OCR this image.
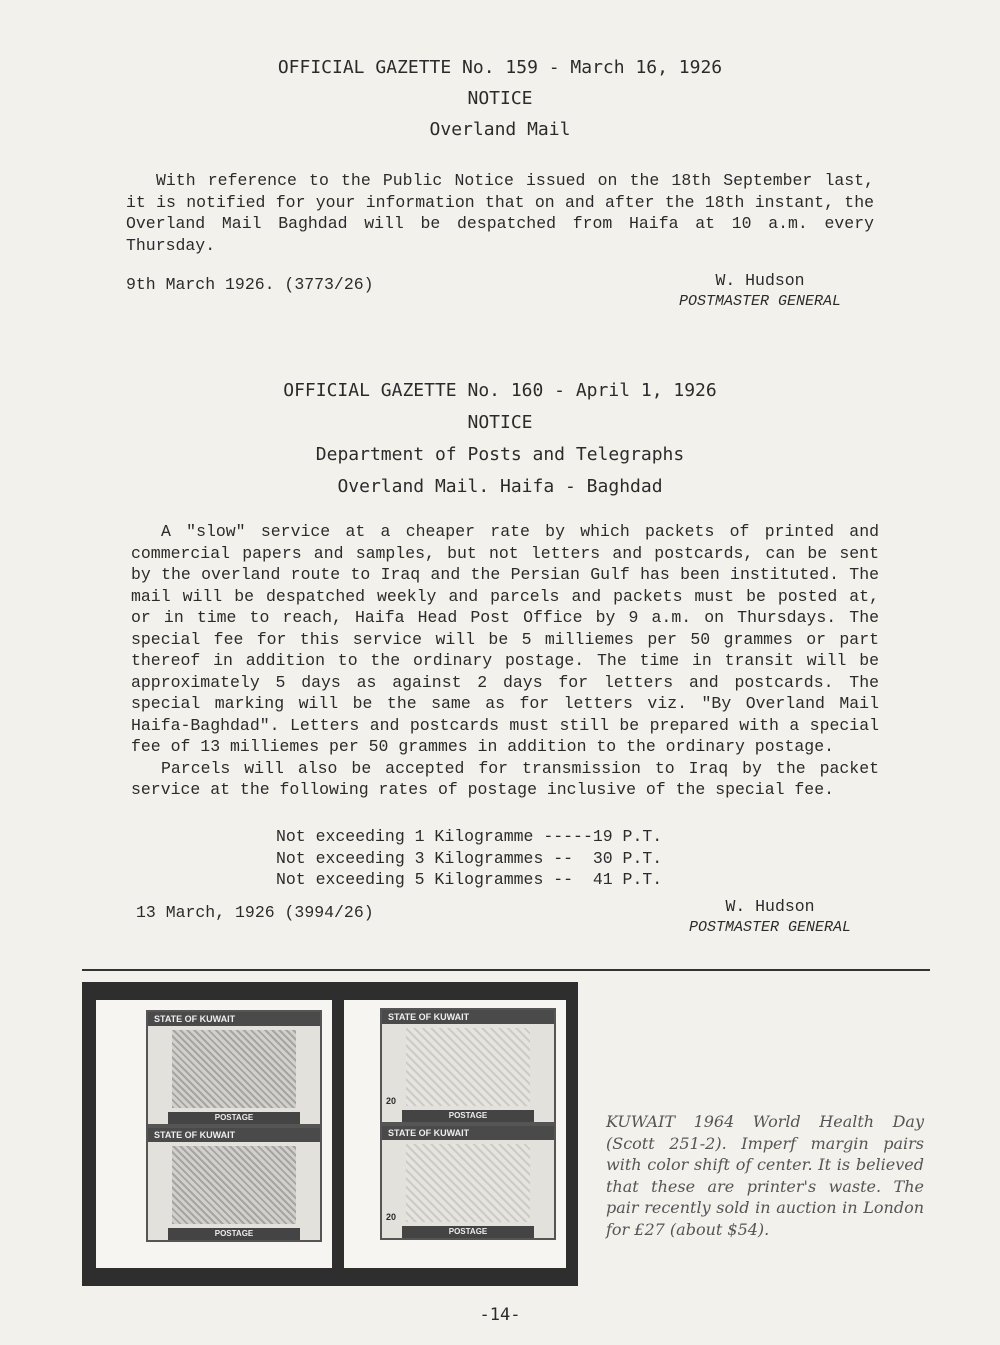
OFFICIAL GAZETTE No. 159 - March 16, 1926
NOTICE
Overland Mail
With reference to the Public Notice issued on the 18th September last, it is notified for your information that on and after the 18th instant, the Overland Mail Baghdad will be despatched from Haifa at 10 a.m. every Thursday.
9th March 1926. (3773/26)	W. Hudson
POSTMASTER GENERAL
OFFICIAL GAZETTE No. 160 - April 1, 1926
NOTICE
Department of Posts and Telegraphs
Overland Mail. Haifa - Baghdad
A "slow" service at a cheaper rate by which packets of printed and commercial papers and samples, but not letters and postcards, can be sent by the overland route to Iraq and the Persian Gulf has been instituted. The mail will be despatched weekly and parcels and packets must be posted at, or in time to reach, Haifa Head Post Office by 9 a.m. on Thursdays. The special fee for this service will be 5 milliemes per 50 grammes or part thereof in addition to the ordinary postage. The time in transit will be approximately 5 days as against 2 days for letters and postcards. The special marking will be the same as for letters viz. "By Overland Mail Haifa-Baghdad". Letters and postcards must still be prepared with a special fee of 13 milliemes per 50 grammes in addition to the ordinary postage.
Parcels will also be accepted for transmission to Iraq by the packet service at the following rates of postage inclusive of the special fee.
Not exceeding 1 Kilogramme -----19 P.T.
Not exceeding 3 Kilogrammes --  30 P.T.
Not exceeding 5 Kilogrammes --  41 P.T.
13 March, 1926 (3994/26)	W. Hudson
POSTMASTER GENERAL
STATE OF KUWAIT
POSTAGE
STATE OF KUWAIT
POSTAGE
STATE OF KUWAIT
20
POSTAGE
STATE OF KUWAIT
20
POSTAGE
KUWAIT 1964 World Health Day (Scott 251-2). Imperf margin pairs with color shift of center. It is believed that these are printer's waste. The pair recently sold in auction in London for £27 (about $54).
-14-
